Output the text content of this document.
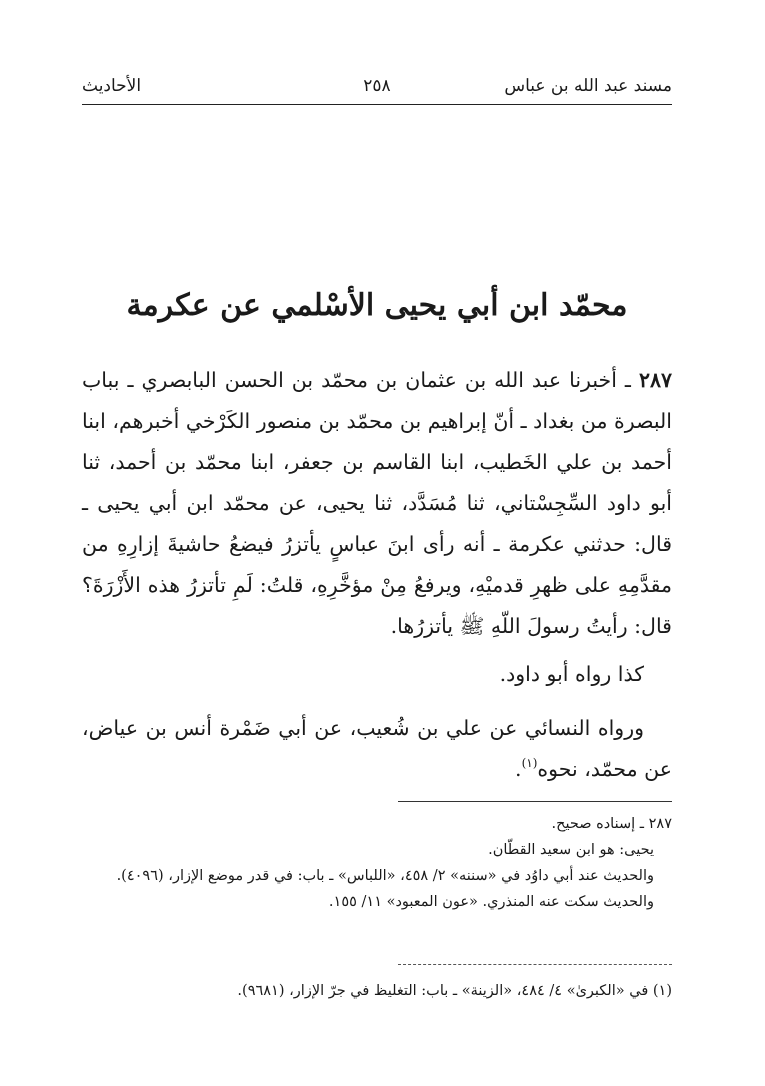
مسند عبد الله بن عباس
٢٥٨
الأحاديث
محمّد ابن أبي يحيى الأسْلمي عن عكرمة

٢٨٧ ـ أخبرنا عبد الله بن عثمان بن محمّد بن الحسن البابصري ـ بباب البصرة من بغداد ـ أنّ إبراهيم بن محمّد بن منصور الكَرْخي أخبرهم، ابنا أحمد بن علي الخَطيب، ابنا القاسم بن جعفر، ابنا محمّد بن أحمد، ثنا أبو داود السِّجِسْتاني، ثنا مُسَدَّد، ثنا يحيى، عن محمّد ابن أبي يحيى ـ قال: حدثني عكرمة ـ أنه رأى ابنَ عباسٍ يأتزرُ فيضعُ حاشيةَ إزارِهِ من مقدَّمِهِ على ظهرِ قدميْهِ، ويرفعُ مِنْ مؤخَّرِهِ، قلتُ: لَمِ تأتزرُ هذه الأَزْرَةَ؟ قال: رأيتُ رسولَ اللّهِ ﷺ يأتزرُها.

كذا رواه أبو داود.

ورواه النسائي عن علي بن شُعيب، عن أبي ضَمْرة أنس بن عياض، عن محمّد، نحوه$^{(١)}$.

٢٨٧ ـ إسناده صحيح.

يحيى: هو ابن سعيد القطّان.

والحديث عند أبي داوُد في «سننه» ٢/ ٤٥٨، «اللباس» ـ باب: في قدر موضع الإزار، (٤٠٩٦).

والحديث سكت عنه المنذري. «عون المعبود» ١١/ ١٥٥.

(١) في «الكبرىٰ» ٤/ ٤٨٤، «الزينة» ـ باب: التغليظ في جرّ الإزار، (٩٦٨١).
